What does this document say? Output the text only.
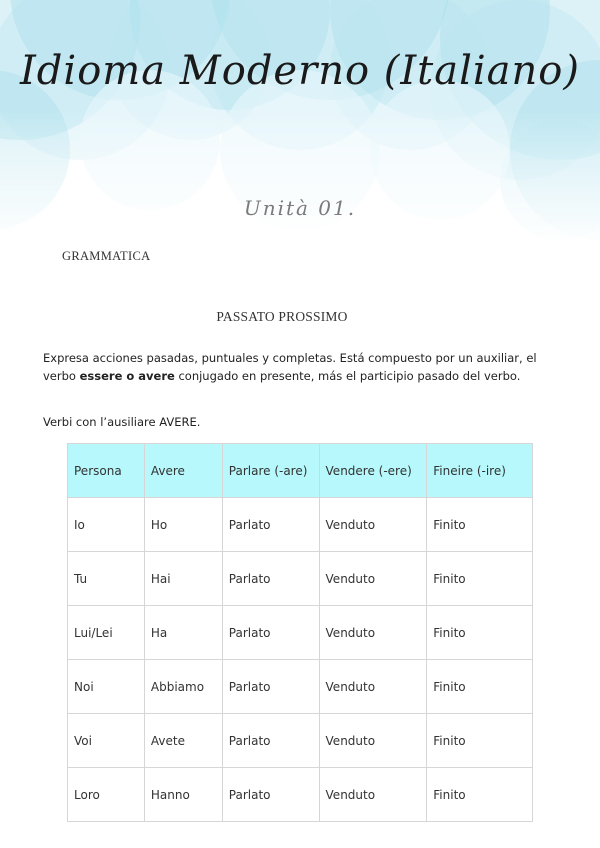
Idioma Moderno (Italiano)
Unità 01.
GRAMMATICA
PASSATO PROSSIMO

Expresa acciones pasadas, puntuales y completas. Está compuesto por un auxiliar, el verbo essere o avere conjugado en presente, más el participio pasado del verbo.

Verbi con l’ausiliare AVERE.

Persona	Avere	Parlare (-are)	Vendere (-ere)	Fineire (-ire)
Io	Ho	Parlato	Venduto	Finito
Tu	Hai	Parlato	Venduto	Finito
Lui/Lei	Ha	Parlato	Venduto	Finito
Noi	Abbiamo	Parlato	Venduto	Finito
Voi	Avete	Parlato	Venduto	Finito
Loro	Hanno	Parlato	Venduto	Finito
